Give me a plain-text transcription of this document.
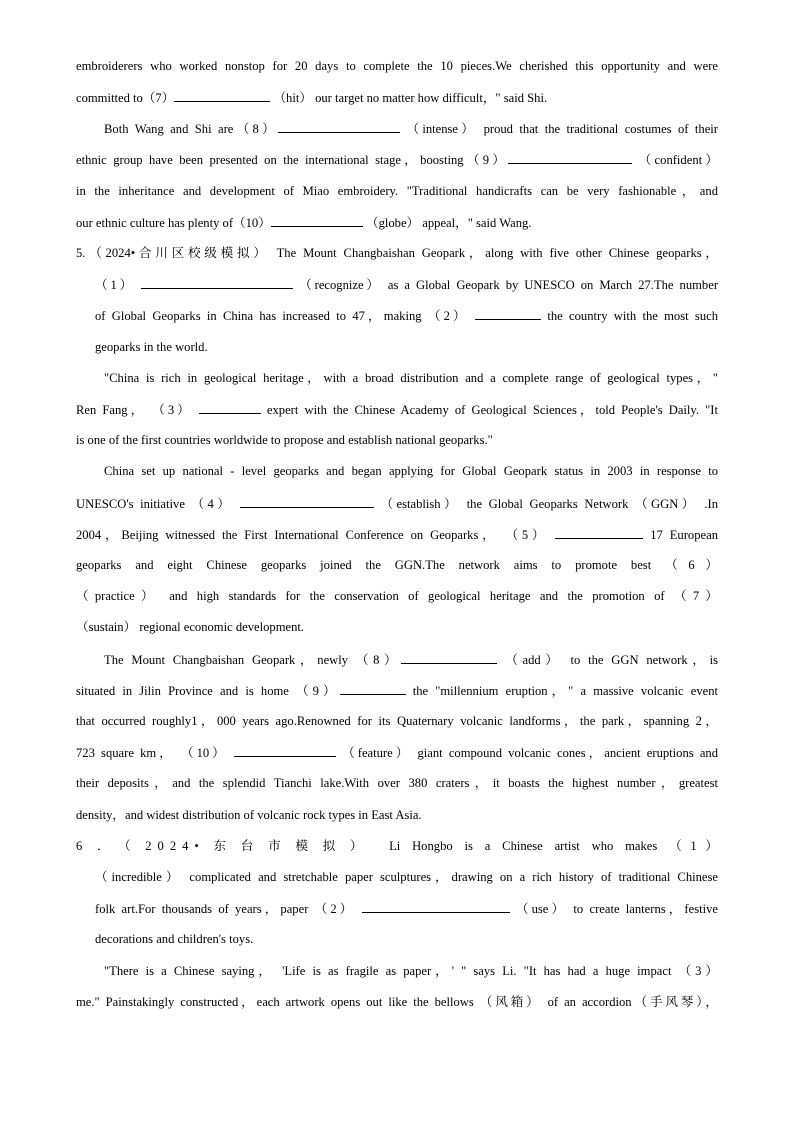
embroiderers who worked nonstop for 20 days to complete the 10 pieces.We cherished this opportunity and were
committed to（7）	（hit） our target no matter how difficult，" said Shi.
Both Wang and Shi are（8）	（intense） proud that the traditional costumes of their
ethnic group have been presented on the international stage，boosting（9）	（confident）
in the inheritance and development of Miao embroidery. "Traditional handicrafts can be very fashionable，and
our ethnic culture has plenty of（10）	（globe） appeal，" said Wang.
5.（2024•合川区校级模拟） The Mount Changbaishan Geopark，along with five other Chinese geoparks，
（1）	（recognize） as a Global Geopark by UNESCO on March 27.The number
of Global Geoparks in China has increased to 47，making （2）	the country with the most such
geoparks in the world.
"China is rich in geological heritage，with a broad distribution and a complete range of geological types，"
Ren Fang， （3）	expert with the Chinese Academy of Geological Sciences，told People's Daily. "It
is one of the first countries worldwide to propose and establish national geoparks."
China set up national - level geoparks and began applying for Global Geopark status in 2003 in response to
UNESCO's initiative （4）	（establish） the Global Geoparks Network （GGN） .In
2004，Beijing witnessed the First International Conference on Geoparks， （5）	17 European
geoparks and eight Chinese geoparks joined the GGN.The network aims to promote best （6）
（practice） and high standards for the conservation of geological heritage and the promotion of （7）
（sustain） regional economic development.
The Mount Changbaishan Geopark，newly （8）	（add） to the GGN network，is
situated in Jilin Province and is home （9）	the "millennium eruption，" a massive volcanic event
that occurred roughly1，000 years ago.Renowned for its Quaternary volcanic landforms，the park，spanning 2，
723 square km， （10）	（feature） giant compound volcanic cones，ancient eruptions and
their deposits，and the splendid Tianchi lake.With over 380 craters，it boasts the highest number，greatest
density，and widest distribution of volcanic rock types in East Asia.
6．（2024•东台市模拟） Li Hongbo is a Chinese artist who makes （1）
（incredible） complicated and stretchable paper sculptures，drawing on a rich history of traditional Chinese
folk art.For thousands of years，paper （2）	（use） to create lanterns，festive
decorations and children's toys.
"There is a Chinese saying， 'Life is as fragile as paper，' " says Li. "It has had a huge impact （3）
me." Painstakingly constructed，each artwork opens out like the bellows （风箱） of an accordion（手风琴），
